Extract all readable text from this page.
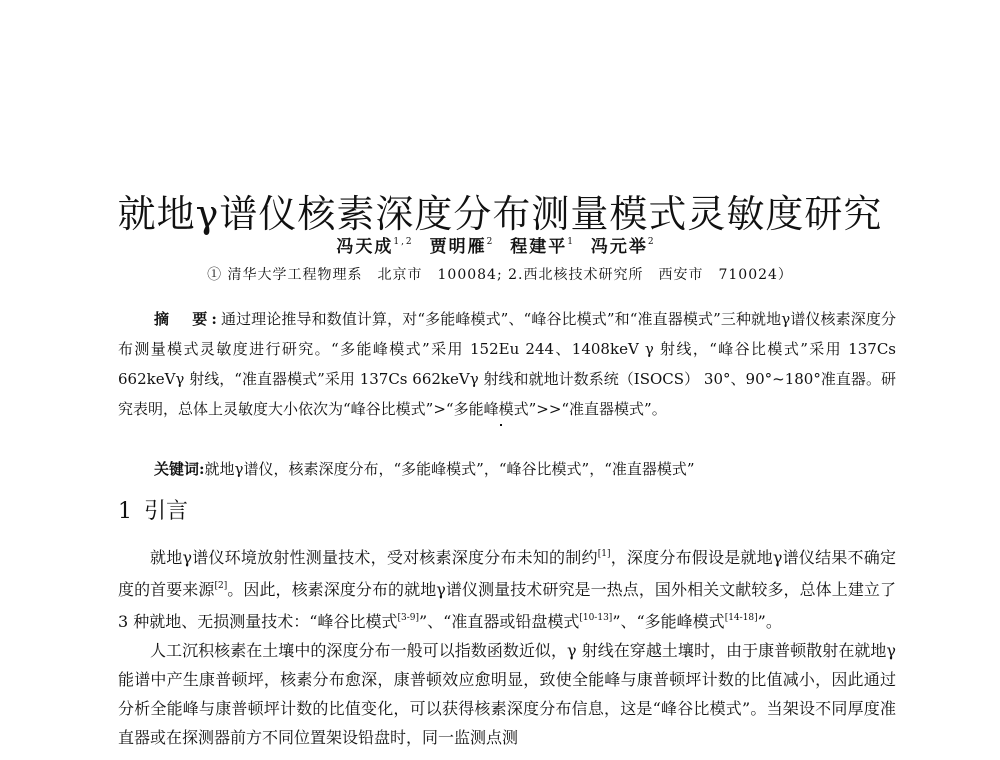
就地γ谱仪核素深度分布测量模式灵敏度研究
冯天成$^{1,2}$ 贾明雁$^2$ 程建平$^1$ 冯元举$^2$
① 清华大学工程物理系　北京市　100084; 2.西北核技术研究所　西安市　710024）
摘　要:通过理论推导和数值计算，对“多能峰模式”、“峰谷比模式”和“准直器模式”三种就地γ谱仪核素深度分布测量模式灵敏度进行研究。“多能峰模式”采用 152Eu 244、1408keV γ 射线，“峰谷比模式”采用 137Cs 662keVγ 射线，“准直器模式”采用 137Cs 662keVγ 射线和就地计数系统（ISOCS） 30°、90°~180°准直器。研究表明，总体上灵敏度大小依次为“峰谷比模式”>“多能峰模式”>>“准直器模式”。
关键词:就地γ谱仪，核素深度分布，“多能峰模式”，“峰谷比模式”，“准直器模式”
1 引言

就地γ谱仪环境放射性测量技术，受对核素深度分布未知的制约[1]，深度分布假设是就地γ谱仪结果不确定度的首要来源[2]。因此，核素深度分布的就地γ谱仪测量技术研究是一热点，国外相关文献较多，总体上建立了 3 种就地、无损测量技术：“峰谷比模式[3-9]”、“准直器或铅盘模式[10-13]”、“多能峰模式[14-18]”。

人工沉积核素在土壤中的深度分布一般可以指数函数近似，γ 射线在穿越土壤时，由于康普顿散射在就地γ能谱中产生康普顿坪，核素分布愈深，康普顿效应愈明显，致使全能峰与康普顿坪计数的比值减小，因此通过分析全能峰与康普顿坪计数的比值变化，可以获得核素深度分布信息，这是“峰谷比模式”。当架设不同厚度准直器或在探测器前方不同位置架设铅盘时，同一监测点测
